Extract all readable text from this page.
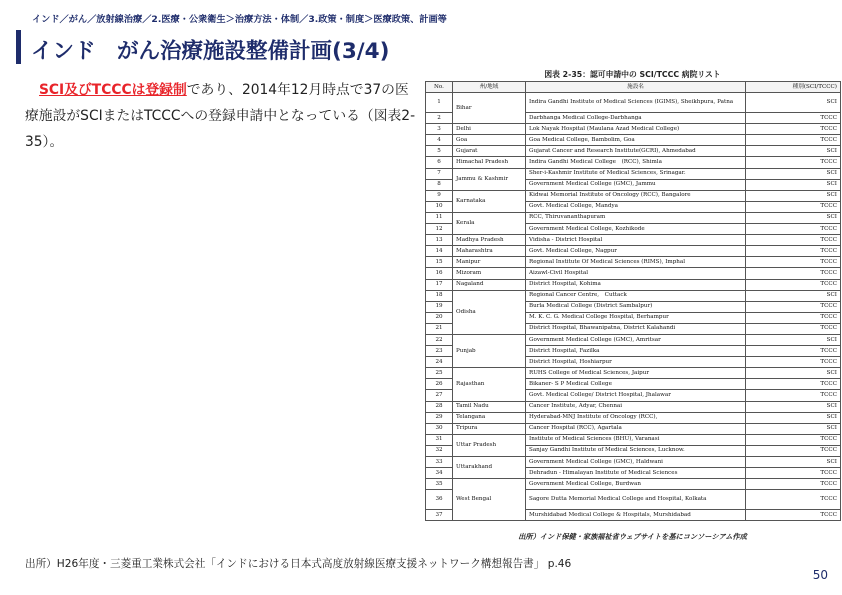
インド／がん／放射線治療／2.医療・公衆衛生＞治療方法・体制／3.政策・制度＞医療政策、計画等
インド　がん治療施設整備計画(3/4)

SCI及びTCCCは登録制であり、2014年12月時点で37の医療施設がSCIまたはTCCCへの登録申請中となっている（図表2-35）。

図表 2-35：認可申請中の SCI/TCCC 病院リスト
No.	州/地域	施設名	種別(SCI/TCCC)
1	Bihar	Indira Gandhi Institute of Medical Sciences (IGIMS), Sheikhpura, Patna	SCI
2		Darbhanga Medical College-Darbhanga	TCCC
3	Delhi	Lok Nayak Hospital (Maulana Azad Medical College)	TCCC
4	Goa	Goa Medical College, Bambolim, Goa	TCCC
5	Gujarat	Gujarat Cancer and Research Institute(GCRI), Ahmedabad	SCI
6	Himachal Pradesh	Indira Gandhi Medical College　(RCC), Shimla	TCCC
7	Jammu & Kashmir	Sher-i-Kashmir Institute of Medical Sciences, Srinagar.	SCI
8		Government Medical College (GMC), Jammu	SCI
9	Karnataka	Kidwai Memorial Institute of Oncology (RCC), Bangalore	SCI
10		Govt. Medical College, Mandya	TCCC
11	Kerala	RCC, Thiruvananthapuram	SCI
12		Government Medical College, Kozhikode	TCCC
13	Madhya Pradesh	Vidisha - District Hospital	TCCC
14	Maharashtra	Govt. Medical College, Nagpur	TCCC
15	Manipur	Regional Institute Of Medical Sciences (RIMS), Imphal	TCCC
16	Mizoram	Aizawl-Civil Hospital	TCCC
17	Nagaland	District Hospital, Kohima	TCCC
18	Odisha	Regional Cancer Centre,　Cuttack	SCI
19		Burla Medical College (District Sambalpur)	TCCC
20		M. K. C. G. Medical College Hospital, Berhampur	TCCC
21		District Hospital, Bhawanipatna, District Kalahandi	TCCC
22	Punjab	Government Medical College (GMC), Amritsar	SCI
23		District Hospital, Fazilka	TCCC
24		District Hospital, Hoshiarpur	TCCC
25	Rajasthan	RUHS College of Medical Sciences, Jaipur	SCI
26		Bikaner- S P Medical College	TCCC
27		Govt. Medical College/ District Hospital, Jhalawar	TCCC
28	Tamil Nadu	Cancer Institute, Adyar, Chennai	SCI
29	Telangana	Hyderabad-MNJ Institute of Oncology (RCC),	SCI
30	Tripura	Cancer Hospital (RCC), Agartala	SCI
31	Uttar Pradesh	Institute of Medical Sciences (BHU), Varanasi	TCCC
32		Sanjay Gandhi Institute of Medical Sciences, Lucknow.	TCCC
33	Uttarakhand	Government Medical College (GMC), Haldwani	SCI
34		Dehradun - Himalayan Institute of Medical Sciences	TCCC
35	West Bengal	Government Medical College, Burdwan	TCCC
36		Sagore Dutta Memorial Medical College and Hospital, Kolkata	TCCC
37		Murshidabad Medical College & Hospitals, Murshidabad	TCCC
出所）インド保健・家族福祉省ウェブサイトを基にコンソーシアム作成
出所）H26年度・三菱重工業株式会社「インドにおける日本式高度放射線医療支援ネットワーク構想報告書」 p.46
50
